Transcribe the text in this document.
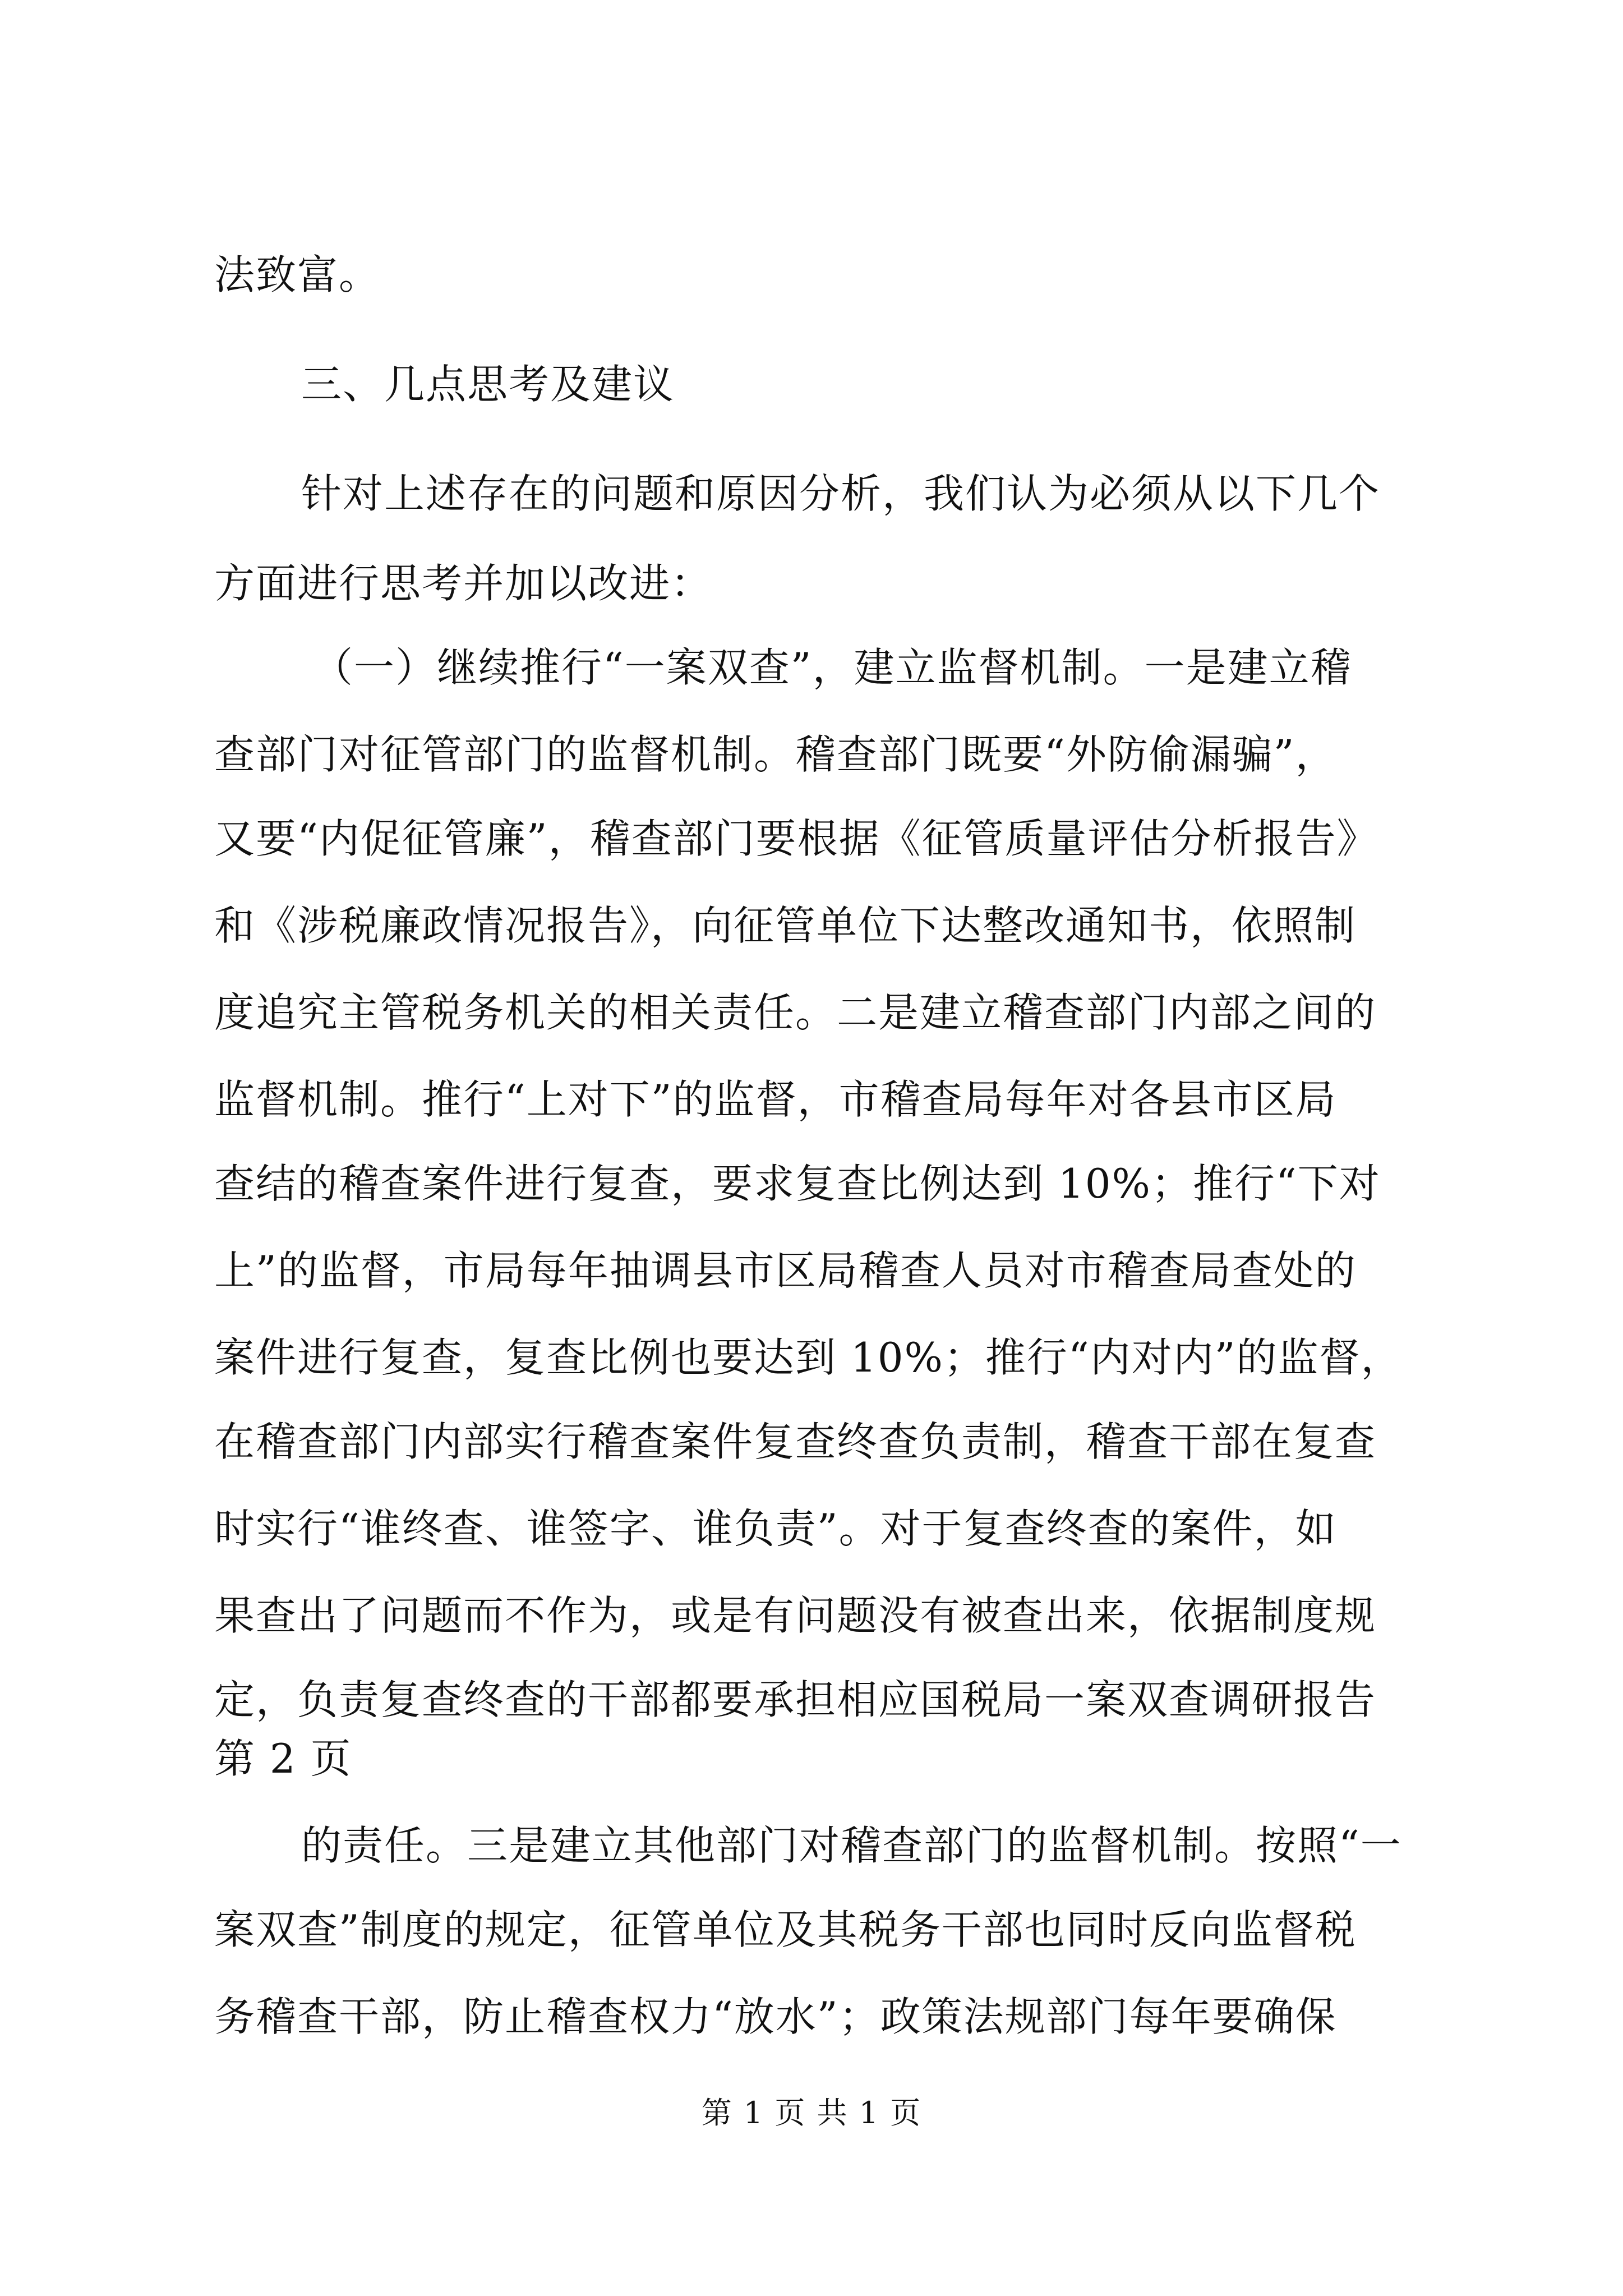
法致富。
三、几点思考及建议
针对上述存在的问题和原因分析，我们认为必须从以下几个
方面进行思考并加以改进：
（一）继续推行“一案双查”，建立监督机制。一是建立稽
查部门对征管部门的监督机制。稽查部门既要“外防偷漏骗”，
又要“内促征管廉”，稽查部门要根据《征管质量评估分析报告》
和《涉税廉政情况报告》，向征管单位下达整改通知书，依照制
度追究主管税务机关的相关责任。二是建立稽查部门内部之间的
监督机制。推行“上对下”的监督，市稽查局每年对各县市区局
查结的稽查案件进行复查，要求复查比例达到 10%；推行“下对
上”的监督，市局每年抽调县市区局稽查人员对市稽查局查处的
案件进行复查，复查比例也要达到 10%；推行“内对内”的监督，
在稽查部门内部实行稽查案件复查终查负责制，稽查干部在复查
时实行“谁终查、谁签字、谁负责”。对于复查终查的案件，如
果查出了问题而不作为，或是有问题没有被查出来，依据制度规
定，负责复查终查的干部都要承担相应国税局一案双查调研报告
第 2 页
的责任。三是建立其他部门对稽查部门的监督机制。按照“一
案双查”制度的规定，征管单位及其税务干部也同时反向监督税
务稽查干部，防止稽查权力“放水”；政策法规部门每年要确保
第 1 页 共 1 页
